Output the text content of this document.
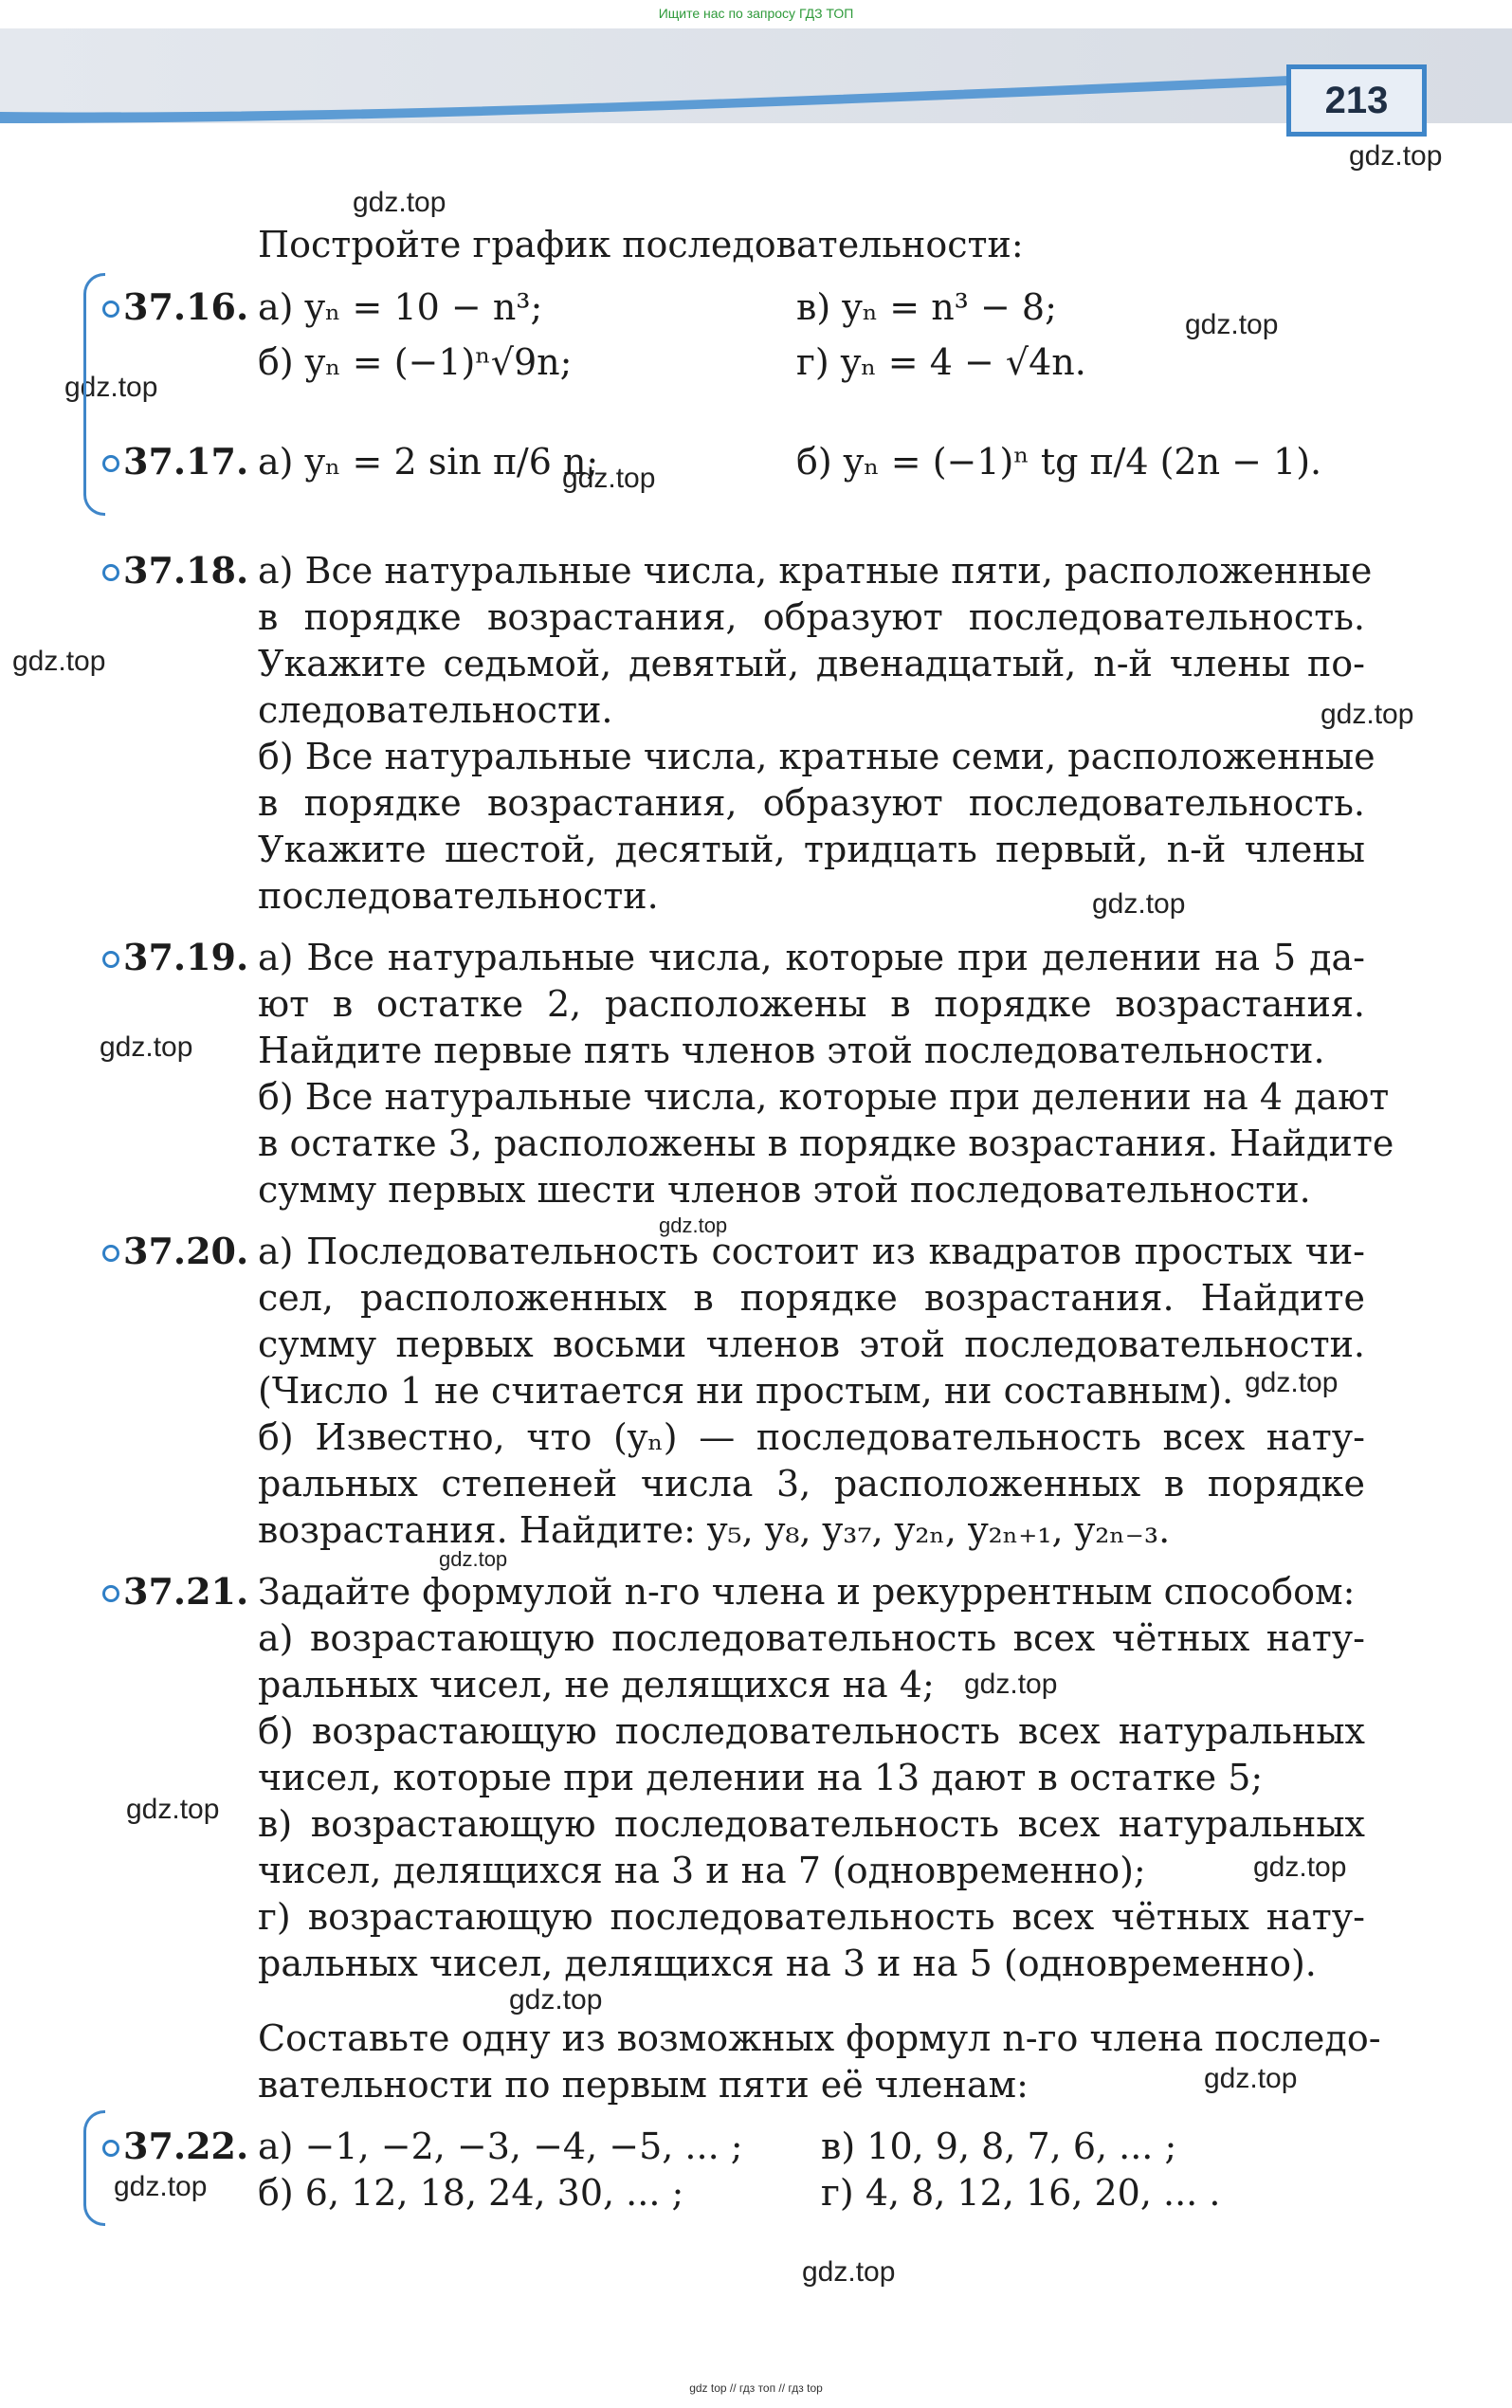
Ищите нас по запросу ГДЗ ТОП
213
gdz.top
gdz.top
gdz.top
gdz.top
gdz.top
gdz.top
gdz.top
gdz.top
gdz.top
gdz.top
gdz.top
gdz.top
gdz.top
gdz.top
gdz.top
gdz.top
gdz.top
gdz.top
gdz.top
Постройте график последовательности:
37.16. а) yₙ = 10 − n³;	в) yₙ = n³ − 8;
б) yₙ = (−1)ⁿ√9n;	г) yₙ = 4 − √4n.
37.17. а) yₙ = 2 sin π/6 n;	б) yₙ = (−1)ⁿ tg π/4 (2n − 1).
37.18. а) Все натуральные числа, кратные пяти, расположенные
в порядке возрастания, образуют последовательность.
Укажите седьмой, девятый, двенадцатый, n-й члены по-
следовательности.
б) Все натуральные числа, кратные семи, расположенные
в порядке возрастания, образуют последовательность.
Укажите шестой, десятый, тридцать первый, n-й члены
последовательности.
37.19. а) Все натуральные числа, которые при делении на 5 да-
ют в остатке 2, расположены в порядке возрастания.
Найдите первые пять членов этой последовательности.
б) Все натуральные числа, которые при делении на 4 дают
в остатке 3, расположены в порядке возрастания. Найдите
сумму первых шести членов этой последовательности.
37.20. а) Последовательность состоит из квадратов простых чи-
сел, расположенных в порядке возрастания. Найдите
сумму первых восьми членов этой последовательности.
(Число 1 не считается ни простым, ни составным).
б) Известно, что (yₙ) — последовательность всех нату-
ральных степеней числа 3, расположенных в порядке
возрастания. Найдите: y₅, y₈, y₃₇, y₂ₙ, y₂ₙ₊₁, y₂ₙ₋₃.
37.21. Задайте формулой n-го члена и рекуррентным способом:
а) возрастающую последовательность всех чётных нату-
ральных чисел, не делящихся на 4;
б) возрастающую последовательность всех натуральных
чисел, которые при делении на 13 дают в остатке 5;
в) возрастающую последовательность всех натуральных
чисел, делящихся на 3 и на 7 (одновременно);
г) возрастающую последовательность всех чётных нату-
ральных чисел, делящихся на 3 и на 5 (одновременно).
Составьте одну из возможных формул n-го члена последо-
вательности по первым пяти её членам:
37.22. а) −1, −2, −3, −4, −5, ... ; в) 10, 9, 8, 7, 6, ... ;
б) 6, 12, 18, 24, 30, ... ;	г) 4, 8, 12, 16, 20, ... .
gdz top // гдз топ // гдз top
